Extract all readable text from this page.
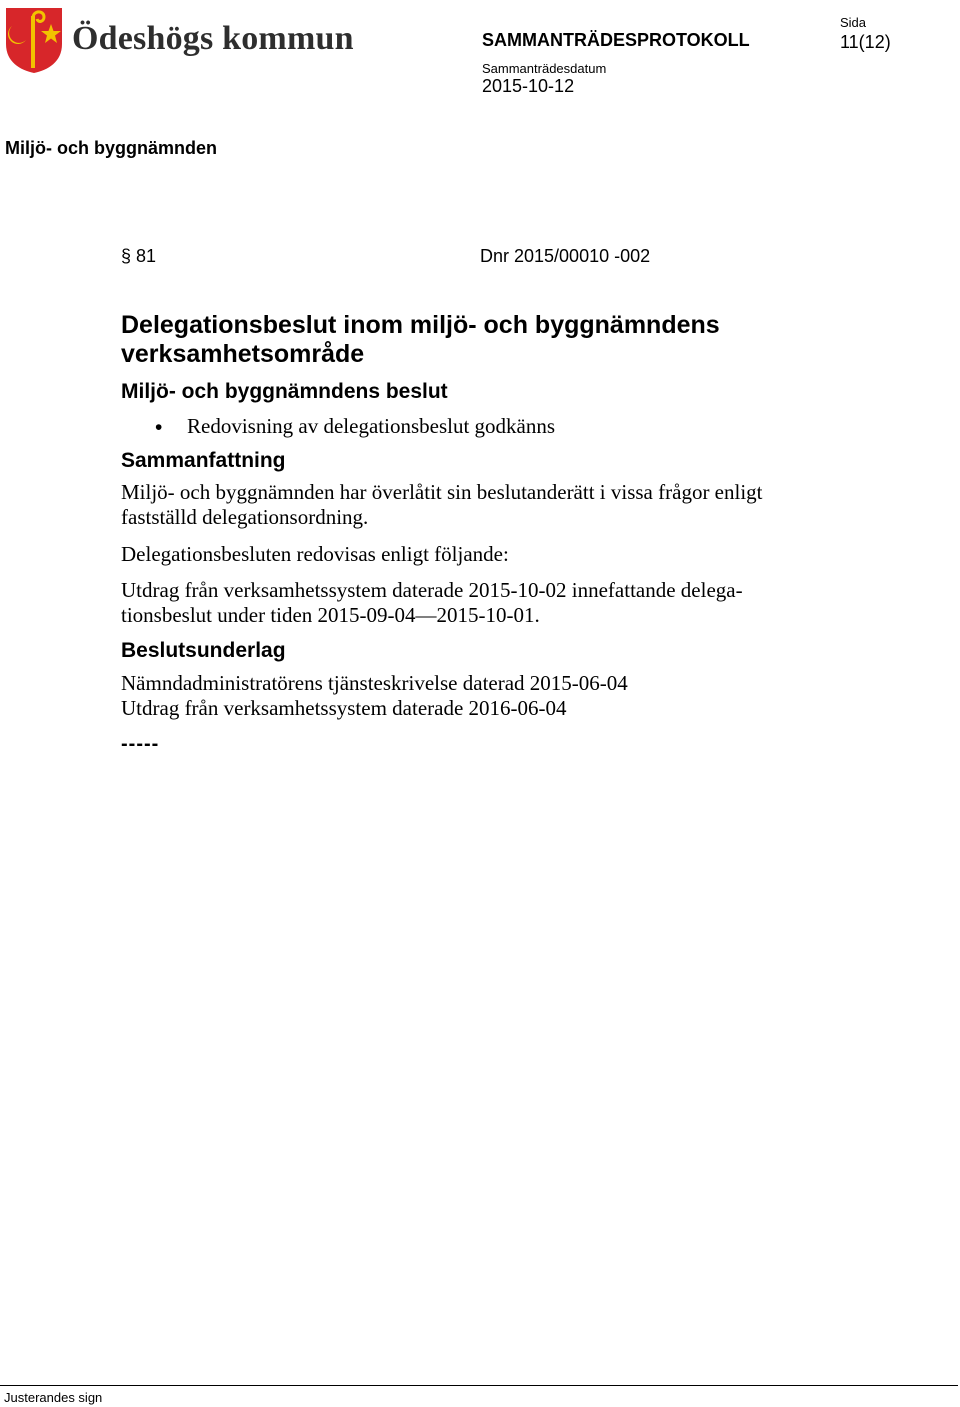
Ödeshögs kommun	SAMMANTRÄDESPROTOKOLL
Sida
11(12)
Sammanträdesdatum
2015-10-12
Miljö- och byggnämnden
§ 81	Dnr 2015/00010 -002
Delegationsbeslut inom miljö- och byggnämndens
verksamhetsområde
Miljö- och byggnämndens beslut
• Redovisning av delegationsbeslut godkänns
Sammanfattning
Miljö- och byggnämnden har överlåtit sin beslutanderätt i vissa frågor enligt
fastställd delegationsordning.
Delegationsbesluten redovisas enligt följande:
Utdrag från verksamhetssystem daterade 2015-10-02 innefattande delega-
tionsbeslut under tiden 2015-09-04—2015-10-01.
Beslutsunderlag
Nämndadministratörens tjänsteskrivelse daterad 2015-06-04
Utdrag från verksamhetssystem daterade 2016-06-04
-----
Justerandes sign
